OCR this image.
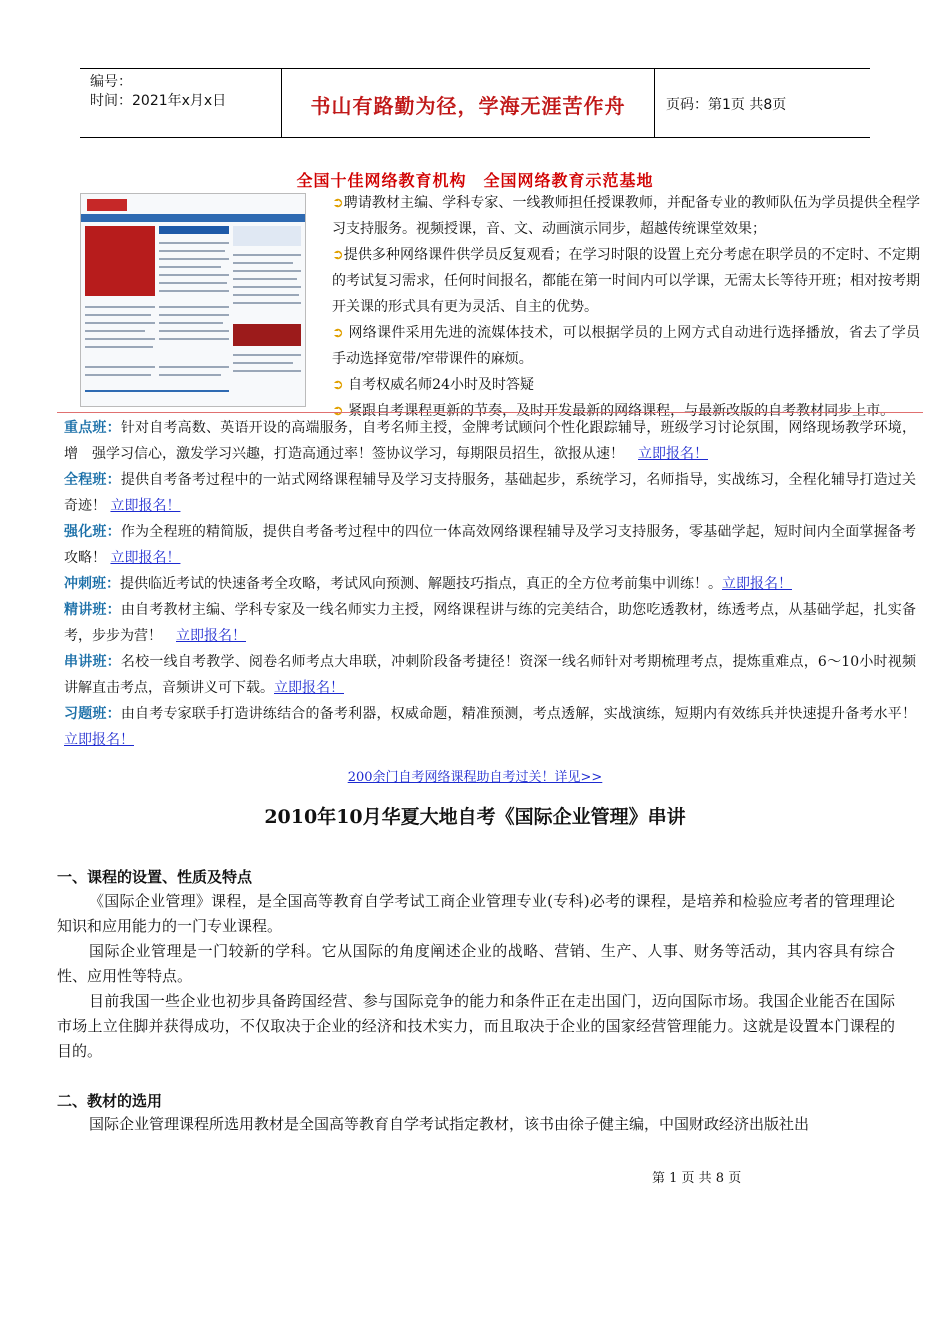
编号：
时间：2021年x月x日	书山有路勤为径，学海无涯苦作舟	页码：第1页 共8页
全国十佳网络教育机构　全国网络教育示范基地

➲聘请教材主编、学科专家、一线教师担任授课教师，并配备专业的教师队伍为学员提供全程学习支持服务。视频授课，音、文、动画演示同步，超越传统课堂效果；

➲提供多种网络课件供学员反复观看；在学习时限的设置上充分考虑在职学员的不定时、不定期的考试复习需求，任何时间报名，都能在第一时间内可以学课，无需太长等待开班；相对按考期开关课的形式具有更为灵活、自主的优势。

➲ 网络课件采用先进的流媒体技术，可以根据学员的上网方式自动进行选择播放，省去了学员手动选择宽带/窄带课件的麻烦。

➲ 自考权威名师24小时及时答疑

➲ 紧跟自考课程更新的节奏，及时开发最新的网络课程，与最新改版的自考教材同步上市。

重点班：针对自考高数、英语开设的高端服务，自考名师主授，金牌考试顾问个性化跟踪辅导，班级学习讨论氛围，网络现场教学环境，增　强学习信心，激发学习兴趣，打造高通过率！签协议学习，每期限员招生，欲报从速！　 立即报名！

全程班：提供自考备考过程中的一站式网络课程辅导及学习支持服务，基础起步，系统学习，名师指导，实战练习，全程化辅导打造过关奇迹！ 立即报名！

强化班：作为全程班的精简版，提供自考备考过程中的四位一体高效网络课程辅导及学习支持服务，零基础学起，短时间内全面掌握备考攻略！ 立即报名！

冲刺班：提供临近考试的快速备考全攻略，考试风向预测、解题技巧指点，真正的全方位考前集中训练！。立即报名！

精讲班：由自考教材主编、学科专家及一线名师实力主授，网络课程讲与练的完美结合，助您吃透教材，练透考点，从基础学起，扎实备考，步步为营！　 立即报名！

串讲班：名校一线自考教学、阅卷名师考点大串联，冲刺阶段备考捷径！资深一线名师针对考期梳理考点，提炼重难点，6～10小时视频讲解直击考点，音频讲义可下载。立即报名！

习题班：由自考专家联手打造讲练结合的备考利器，权威命题，精准预测，考点透解，实战演练，短期内有效练兵并快速提升备考水平！立即报名！

200余门自考网络课程助自考过关！详见>>
2010年10月华夏大地自考《国际企业管理》串讲
一、课程的设置、性质及特点

《国际企业管理》课程，是全国高等教育自学考试工商企业管理专业(专科)必考的课程，是培养和检验应考者的管理理论知识和应用能力的一门专业课程。

国际企业管理是一门较新的学科。它从国际的角度阐述企业的战略、营销、生产、人事、财务等活动，其内容具有综合性、应用性等特点。

目前我国一些企业也初步具备跨国经营、参与国际竞争的能力和条件正在走出国门，迈向国际市场。我国企业能否在国际市场上立住脚并获得成功，不仅取决于企业的经济和技术实力，而且取决于企业的国家经营管理能力。这就是设置本门课程的目的。

二、教材的选用

国际企业管理课程所选用教材是全国高等教育自学考试指定教材，该书由徐子健主编，中国财政经济出版社出

第 1 页 共 8 页
